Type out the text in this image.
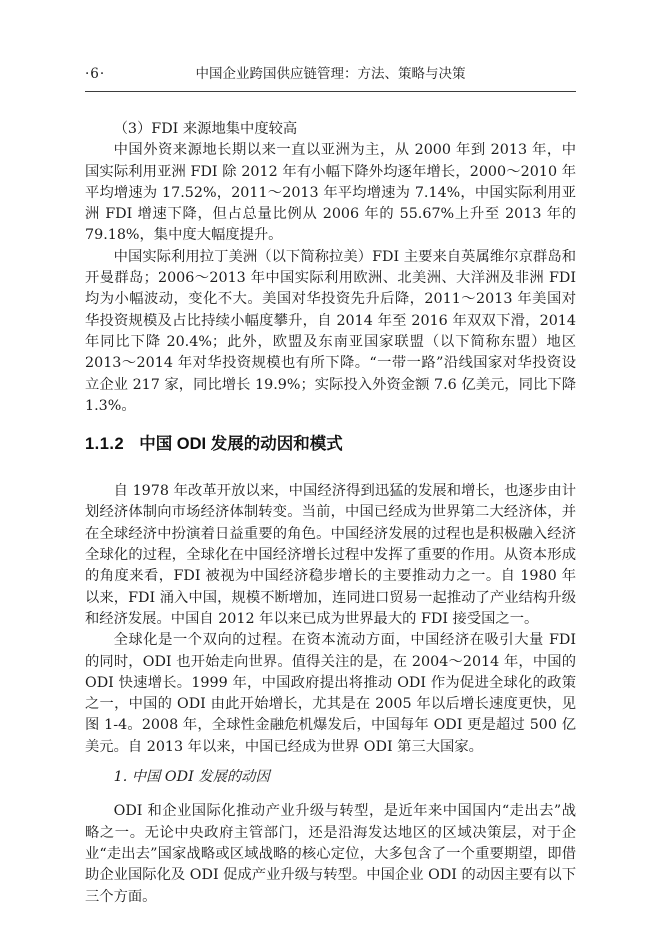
·6·	中国企业跨国供应链管理：方法、策略与决策

（3）FDI 来源地集中度较高

中国外资来源地长期以来一直以亚洲为主，从 2000 年到 2013 年，中国实际利用亚洲 FDI 除 2012 年有小幅下降外均逐年增长，2000～2010 年平均增速为 17.52%，2011～2013 年平均增速为 7.14%，中国实际利用亚洲 FDI 增速下降，但占总量比例从 2006 年的 55.67%上升至 2013 年的 79.18%，集中度大幅度提升。

中国实际利用拉丁美洲（以下简称拉美）FDI 主要来自英属维尔京群岛和开曼群岛；2006～2013 年中国实际利用欧洲、北美洲、大洋洲及非洲 FDI 均为小幅波动，变化不大。美国对华投资先升后降，2011～2013 年美国对华投资规模及占比持续小幅度攀升，自 2014 年至 2016 年双双下滑，2014 年同比下降 20.4%；此外，欧盟及东南亚国家联盟（以下简称东盟）地区 2013～2014 年对华投资规模也有所下降。“一带一路”沿线国家对华投资设立企业 217 家，同比增长 19.9%；实际投入外资金额 7.6 亿美元，同比下降 1.3%。

1.1.2 中国 ODI 发展的动因和模式

自 1978 年改革开放以来，中国经济得到迅猛的发展和增长，也逐步由计划经济体制向市场经济体制转变。当前，中国已经成为世界第二大经济体，并在全球经济中扮演着日益重要的角色。中国经济发展的过程也是积极融入经济全球化的过程，全球化在中国经济增长过程中发挥了重要的作用。从资本形成的角度来看，FDI 被视为中国经济稳步增长的主要推动力之一。自 1980 年以来，FDI 涌入中国，规模不断增加，连同进口贸易一起推动了产业结构升级和经济发展。中国自 2012 年以来已成为世界最大的 FDI 接受国之一。

全球化是一个双向的过程。在资本流动方面，中国经济在吸引大量 FDI 的同时，ODI 也开始走向世界。值得关注的是，在 2004～2014 年，中国的 ODI 快速增长。1999 年，中国政府提出将推动 ODI 作为促进全球化的政策之一，中国的 ODI 由此开始增长，尤其是在 2005 年以后增长速度更快，见图 1-4。2008 年，全球性金融危机爆发后，中国每年 ODI 更是超过 500 亿美元。自 2013 年以来，中国已经成为世界 ODI 第三大国家。

1. 中国 ODI 发展的动因

ODI 和企业国际化推动产业升级与转型，是近年来中国国内“走出去”战略之一。无论中央政府主管部门，还是沿海发达地区的区域决策层，对于企业“走出去”国家战略或区域战略的核心定位，大多包含了一个重要期望，即借助企业国际化及 ODI 促成产业升级与转型。中国企业 ODI 的动因主要有以下三个方面。
